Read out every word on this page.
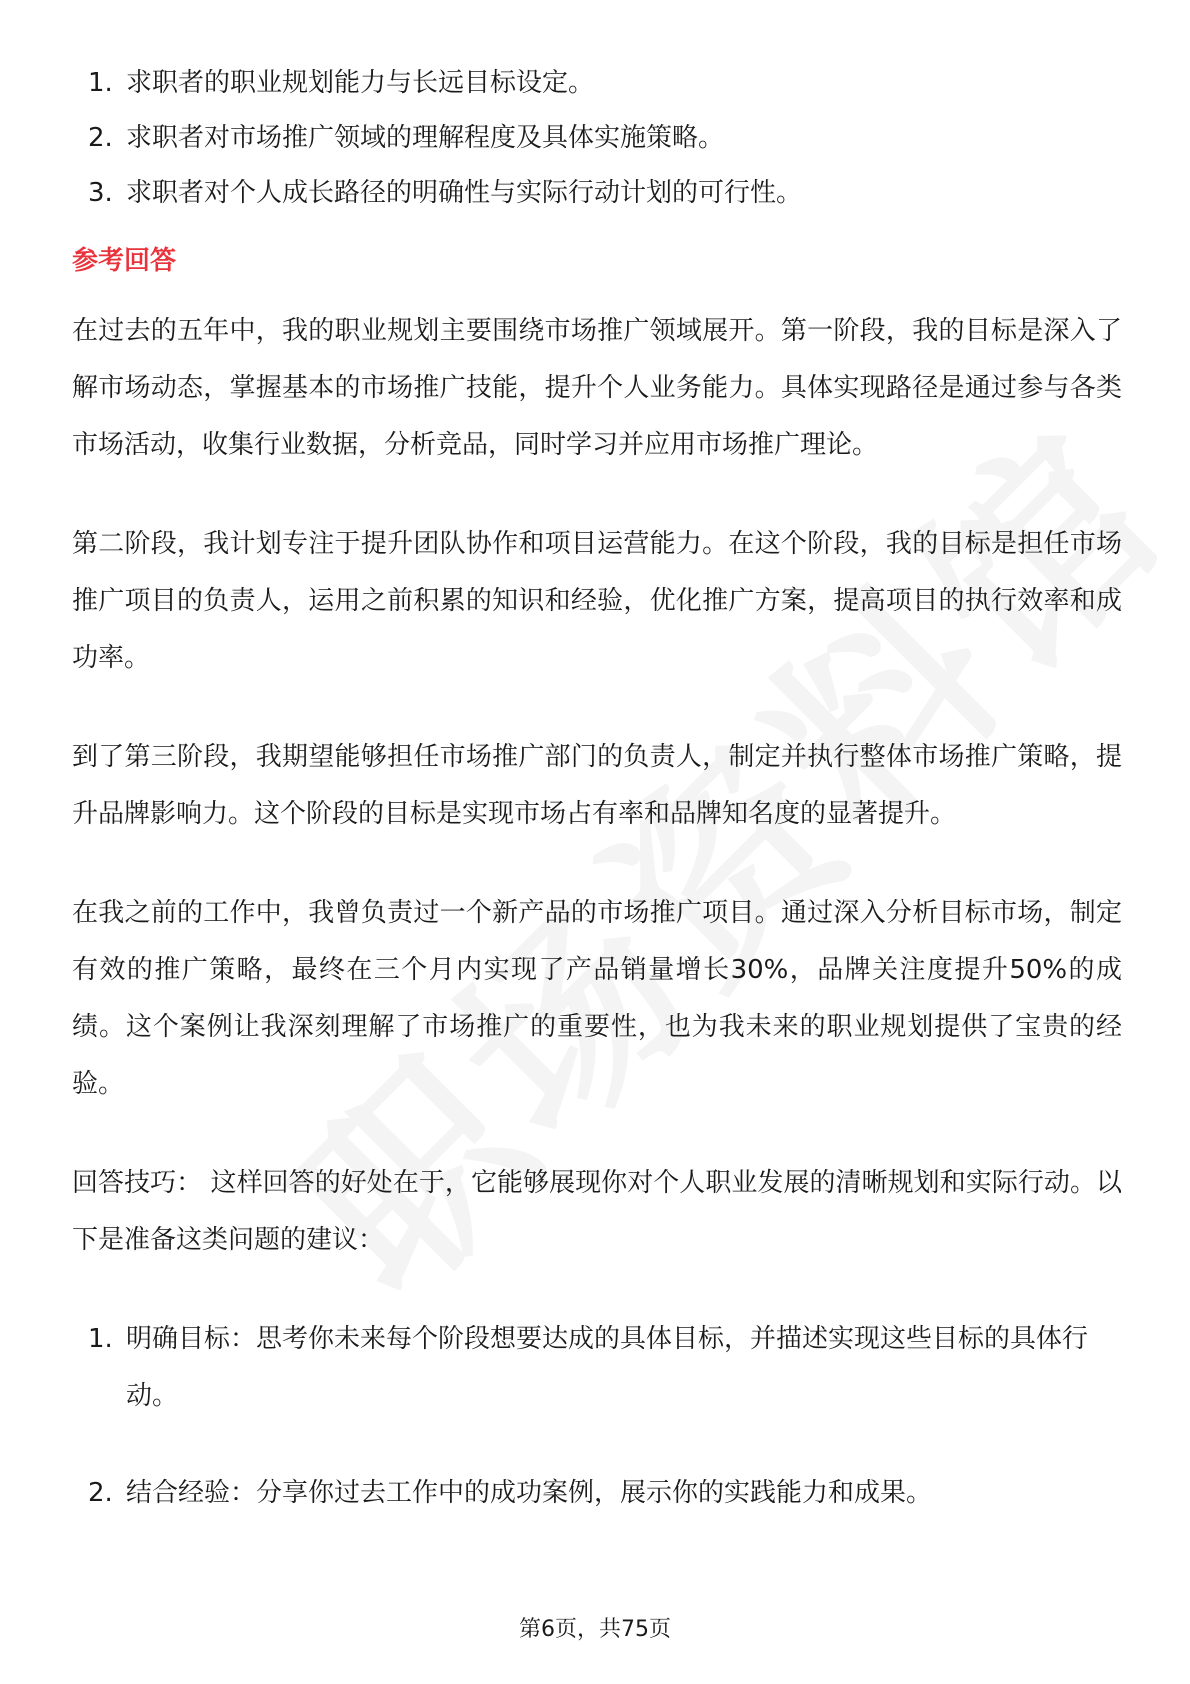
1. 求职者的职业规划能力与长远目标设定。
2. 求职者对市场推广领域的理解程度及具体实施策略。
3. 求职者对个人成长路径的明确性与实际行动计划的可行性。
参考回答

在过去的五年中，我的职业规划主要围绕市场推广领域展开。第一阶段，我的目标是深入了解市场动态，掌握基本的市场推广技能，提升个人业务能力。具体实现路径是通过参与各类市场活动，收集行业数据，分析竞品，同时学习并应用市场推广理论。

第二阶段，我计划专注于提升团队协作和项目运营能力。在这个阶段，我的目标是担任市场推广项目的负责人，运用之前积累的知识和经验，优化推广方案，提高项目的执行效率和成功率。

到了第三阶段，我期望能够担任市场推广部门的负责人，制定并执行整体市场推广策略，提升品牌影响力。这个阶段的目标是实现市场占有率和品牌知名度的显著提升。

在我之前的工作中，我曾负责过一个新产品的市场推广项目。通过深入分析目标市场，制定有效的推广策略，最终在三个月内实现了产品销量增长30%，品牌关注度提升50%的成绩。这个案例让我深刻理解了市场推广的重要性，也为我未来的职业规划提供了宝贵的经验。

回答技巧： 这样回答的好处在于，它能够展现你对个人职业发展的清晰规划和实际行动。以下是准备这类问题的建议：

1. 明确目标：思考你未来每个阶段想要达成的具体目标，并描述实现这些目标的具体行动。
2. 结合经验：分享你过去工作中的成功案例，展示你的实践能力和成果。
第6页，共75页
